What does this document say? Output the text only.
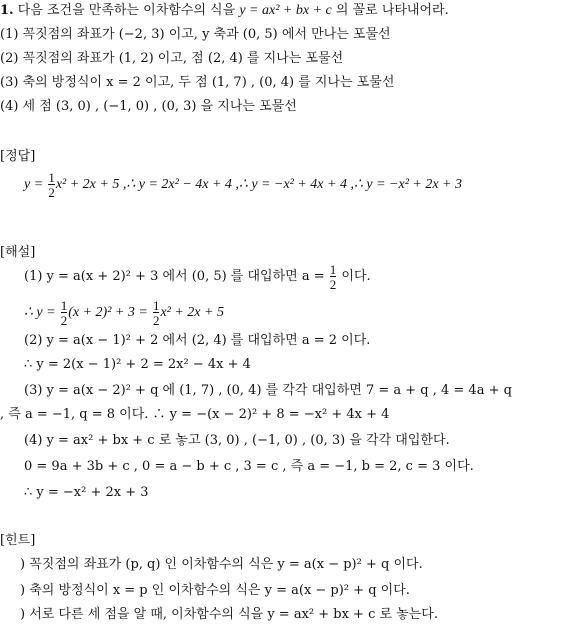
1. 다음 조건을 만족하는 이차함수의 식을 y = ax² + bx + c 의 꼴로 나타내어라.
(1) 꼭짓점의 좌표가 (−2, 3) 이고, y 축과 (0, 5) 에서 만나는 포물선
(2) 꼭짓점의 좌표가 (1, 2) 이고, 점 (2, 4) 를 지나는 포물선
(3) 축의 방정식이 x = 2 이고, 두 점 (1, 7) , (0, 4) 를 지나는 포물선
(4) 세 점 (3, 0) , (−1, 0) , (0, 3) 을 지나는 포물선
[정답]
$y = \frac{1}{2} x^2 + 2x + 5$ ,∴ y = 2x² − 4x + 4 ,∴ y = −x² + 4x + 4 ,∴ y = −x² + 2x + 3
[해설]
(1) y = a(x + 2)² + 3 에서 (0, 5) 를 대입하면 $a = \frac{1}{2}$ 이다.
∴ $y = \frac{1}{2} (x + 2)^2 + 3 = \frac{1}{2} x^2 + 2x + 5$
(2) y = a(x − 1)² + 2 에서 (2, 4) 를 대입하면 a = 2 이다.
∴ y = 2(x − 1)² + 2 = 2x² − 4x + 4
(3) y = a(x − 2)² + q 에 (1, 7) , (0, 4) 를 각각 대입하면 7 = a + q , 4 = 4a + q
, 즉 a = −1, q = 8 이다. ∴ y = −(x − 2)² + 8 = −x² + 4x + 4
(4) y = ax² + bx + c 로 놓고 (3, 0) , (−1, 0) , (0, 3) 을 각각 대입한다.
0 = 9a + 3b + c , 0 = a − b + c , 3 = c , 즉 a = −1, b = 2, c = 3 이다.
∴ y = −x² + 2x + 3
[힌트]
) 꼭짓점의 좌표가 (p, q) 인 이차함수의 식은 y = a(x − p)² + q 이다.
) 축의 방정식이 x = p 인 이차함수의 식은 y = a(x − p)² + q 이다.
) 서로 다른 세 점을 알 때, 이차함수의 식을 y = ax² + bx + c 로 놓는다.
